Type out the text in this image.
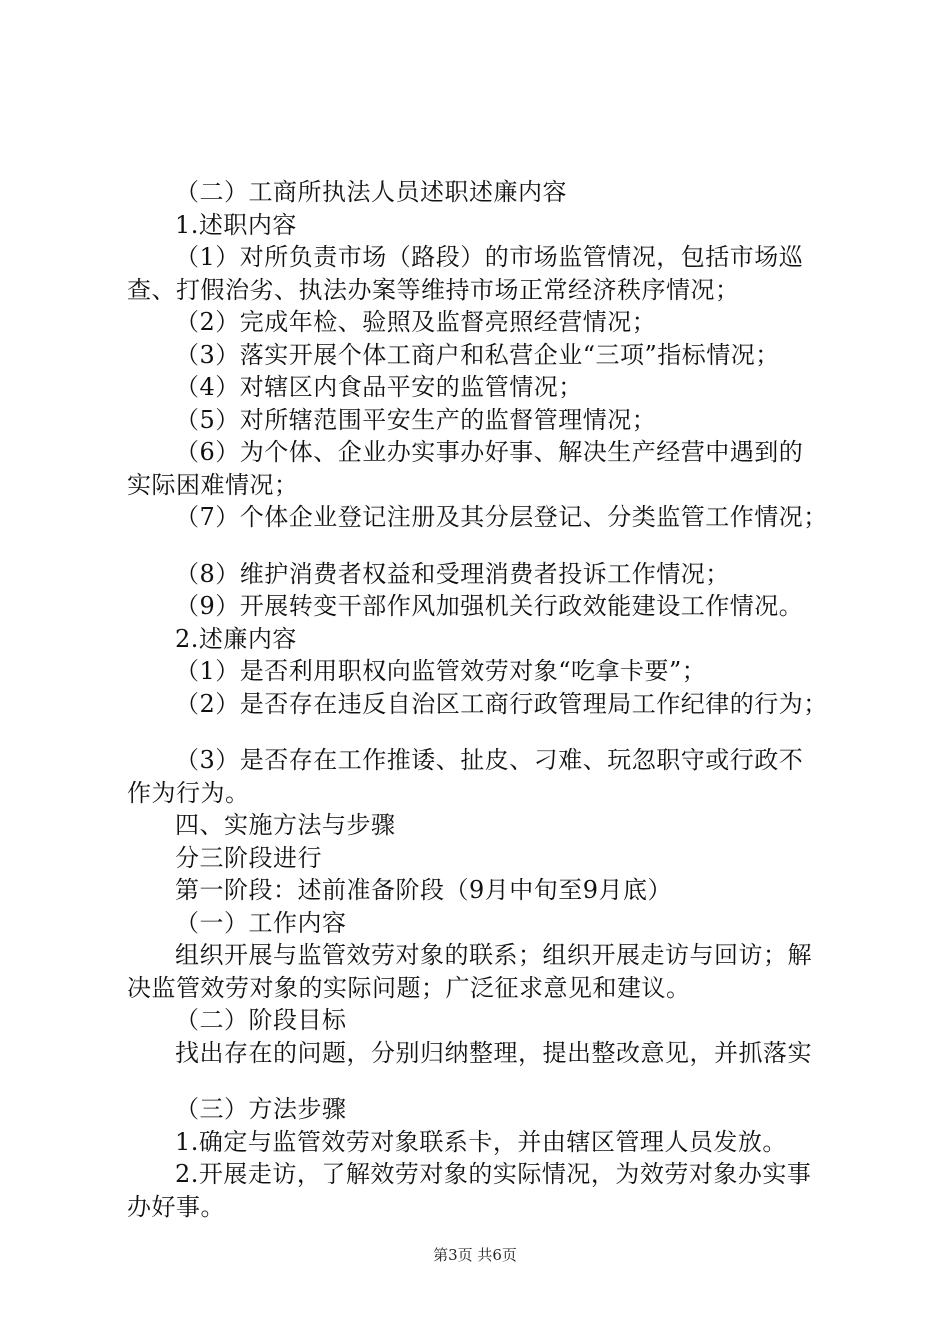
（二）工商所执法人员述职述廉内容
1.述职内容
（1）对所负责市场（路段）的市场监管情况，包括市场巡
查、打假治劣、执法办案等维持市场正常经济秩序情况；
（2）完成年检、验照及监督亮照经营情况；
（3）落实开展个体工商户和私营企业“三项”指标情况；
（4）对辖区内食品平安的监管情况；
（5）对所辖范围平安生产的监督管理情况；
（6）为个体、企业办实事办好事、解决生产经营中遇到的
实际困难情况；
（7）个体企业登记注册及其分层登记、分类监管工作情况；
（8）维护消费者权益和受理消费者投诉工作情况；
（9）开展转变干部作风加强机关行政效能建设工作情况。
2.述廉内容
（1）是否利用职权向监管效劳对象“吃拿卡要”；
（2）是否存在违反自治区工商行政管理局工作纪律的行为；
（3）是否存在工作推诿、扯皮、刁难、玩忽职守或行政不
作为行为。
四、实施方法与步骤
分三阶段进行
第一阶段：述前准备阶段（9月中旬至9月底）
（一）工作内容
组织开展与监管效劳对象的联系；组织开展走访与回访；解
决监管效劳对象的实际问题；广泛征求意见和建议。
（二）阶段目标
找出存在的问题，分别归纳整理，提出整改意见，并抓落实
（三）方法步骤
1.确定与监管效劳对象联系卡，并由辖区管理人员发放。
2.开展走访，了解效劳对象的实际情况，为效劳对象办实事
办好事。
第3页 共6页
